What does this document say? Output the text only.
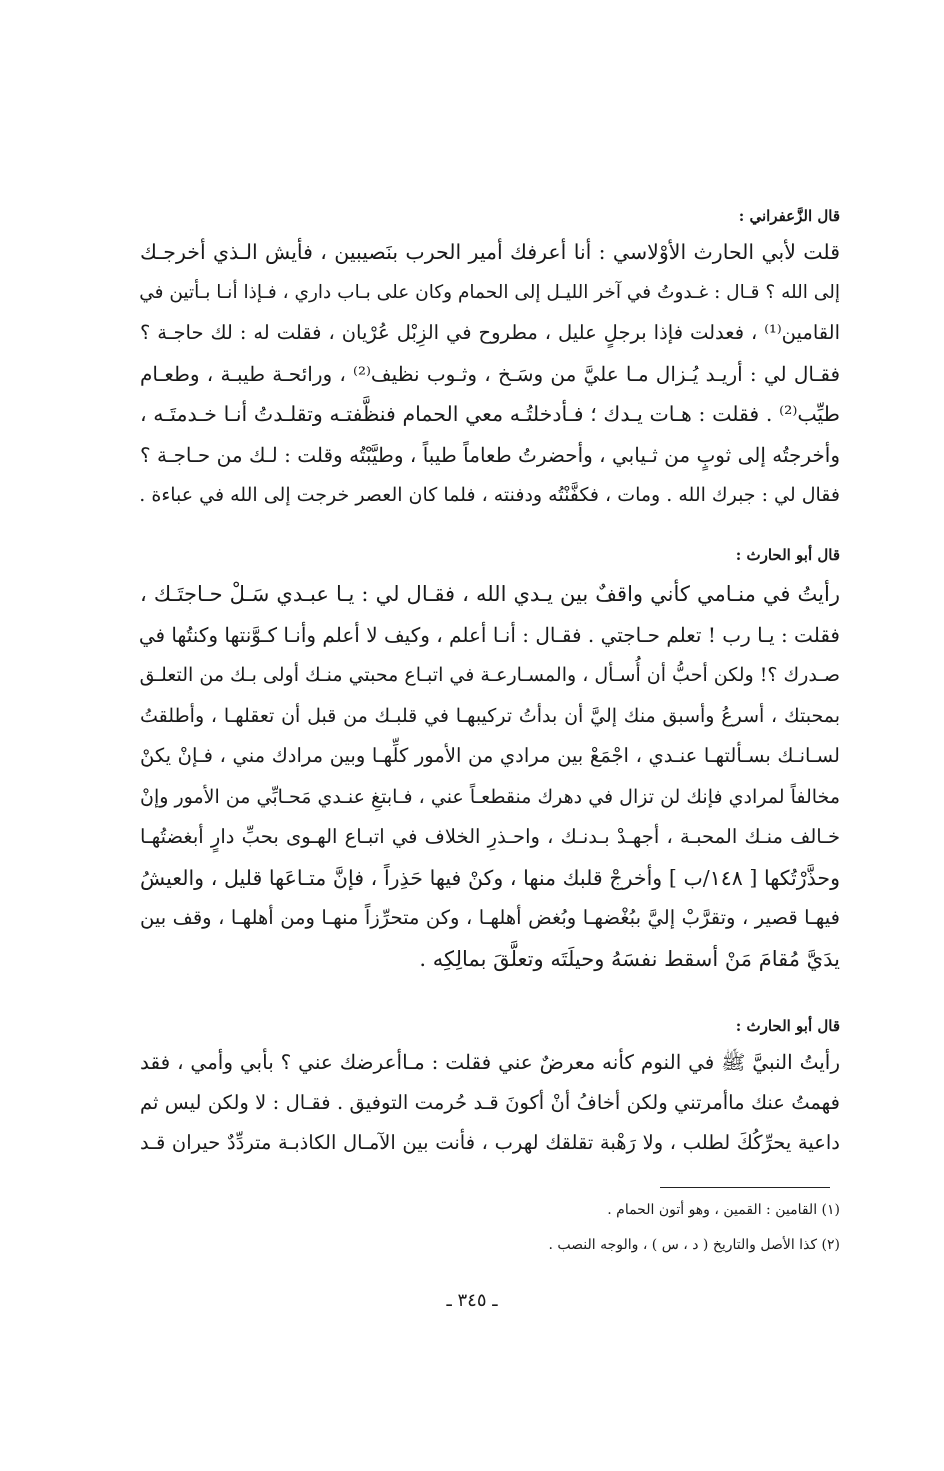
قال الزَّعفراني :

قلت لأبي الحارث الأوْلاسي : أنا أعرفك أمير الحرب بنَصيبين ، فأيش الـذي أخرجـك

إلى الله ؟ قـال : غـدوتُ في آخر الليـل إلى الحمام وكان على بـاب داري ، فـإذا أنـا بـأتين في

القامين⁽¹⁾ ، فعدلت فإذا برجلٍ عليل ، مطروح في الزِبْل عُرْيان ، فقلت له : لك حاجـة ؟

فقـال لي : أريـد يُـزال مـا عليَّ من وسَـخ ، وثـوب نظيف⁽²⁾ ، ورائحـة طيبـة ، وطعـام

طيِّب⁽²⁾ . فقلت : هـات يـدك ؛ فـأدخلتُـه معي الحمام فنظَّفتـه وتقلـدتُ أنـا خـدمتَـه ،

وأخرجتُه إلى ثوبٍ من ثـيابي ، وأحضرتُ طعاماً طيباً ، وطيَّبْتُه وقلت : لـك من حـاجـة ؟

فقال لي : جبرك الله . ومات ، فكفَّنْتُه ودفنته ، فلما كان العصر خرجت إلى الله في عباءة .

قال أبو الحارث :

رأيتُ في منـامي كأني واقفٌ بين يـدي الله ، فقـال لي : يـا عبـدي سَـلْ حـاجتَـك ،

فقلت : يـا رب ! تعلم حـاجتي . فقـال : أنـا أعلم ، وكيف لا أعلم وأنـا كـوَّنتها وكنتُها في

صـدرك ؟! ولكن أحبُّ أن أُسـأل ، والمسـارعـة في اتبـاع محبتي منـك أولى بـك من التعلـق

بمحبتك ، أسرعُ وأسبق منك إليَّ أن بدأتُ تركيبهـا في قلبـك من قبل أن تعقلهـا ، وأطلقتُ

لسـانـك بسـألتهـا عنـدي ، اجْمَعْ بين مرادي من الأمور كلِّهـا وبين مرادك مني ، فـإنْ يكنْ

مخالفاً لمرادي فإنك لن تزال في دهرك منقطعـاً عني ، فـابتغِ عنـدي مَحـابِّي من الأمور وإنْ

خـالف منـك المحبـة ، أجهـدْ بـدنـك ، واحـذرِ الخلاف في اتبـاع الهـوى بحبِّ دارٍ أبغضتُهـا

وحذَّرْتُكها [ ١٤٨/ب ] وأخرجْ قلبك منها ، وكنْ فيها حَذِراً ، فإنَّ متـاعَها قليل ، والعيشُ

فيهـا قصير ، وتقرَّبْ إليَّ ببُغْضهـا وبُغض أهلهـا ، وكن متحرِّزاً منهـا ومن أهلهـا ، وقف بين

يدَيَّ مُقامَ مَنْ أسقط نفسَهُ وحيلَتَه وتعلَّقَ بمالِكِه .

قال أبو الحارث :

رأيتُ النبيَّ ﷺ في النوم كأنه معرضٌ عني فقلت : مـاأعرضك عني ؟ بأبي وأمي ، فقد

فهمتُ عنك ماأمرتني ولكن أخافُ أنْ أكونَ قـد حُرمت التوفيق . فقـال : لا ولكن ليس ثم

داعية يحرِّكُكَ لطلب ، ولا رَهْبة تقلقك لهرب ، فأنت بين الآمـال الكاذبـة متردِّدٌ حيران قـد

(١) القامين : القمين ، وهو أتون الحمام .
(٢) كذا الأصل والتاريخ ( د ، س ) ، والوجه النصب .
ـ ٣٤٥ ـ
